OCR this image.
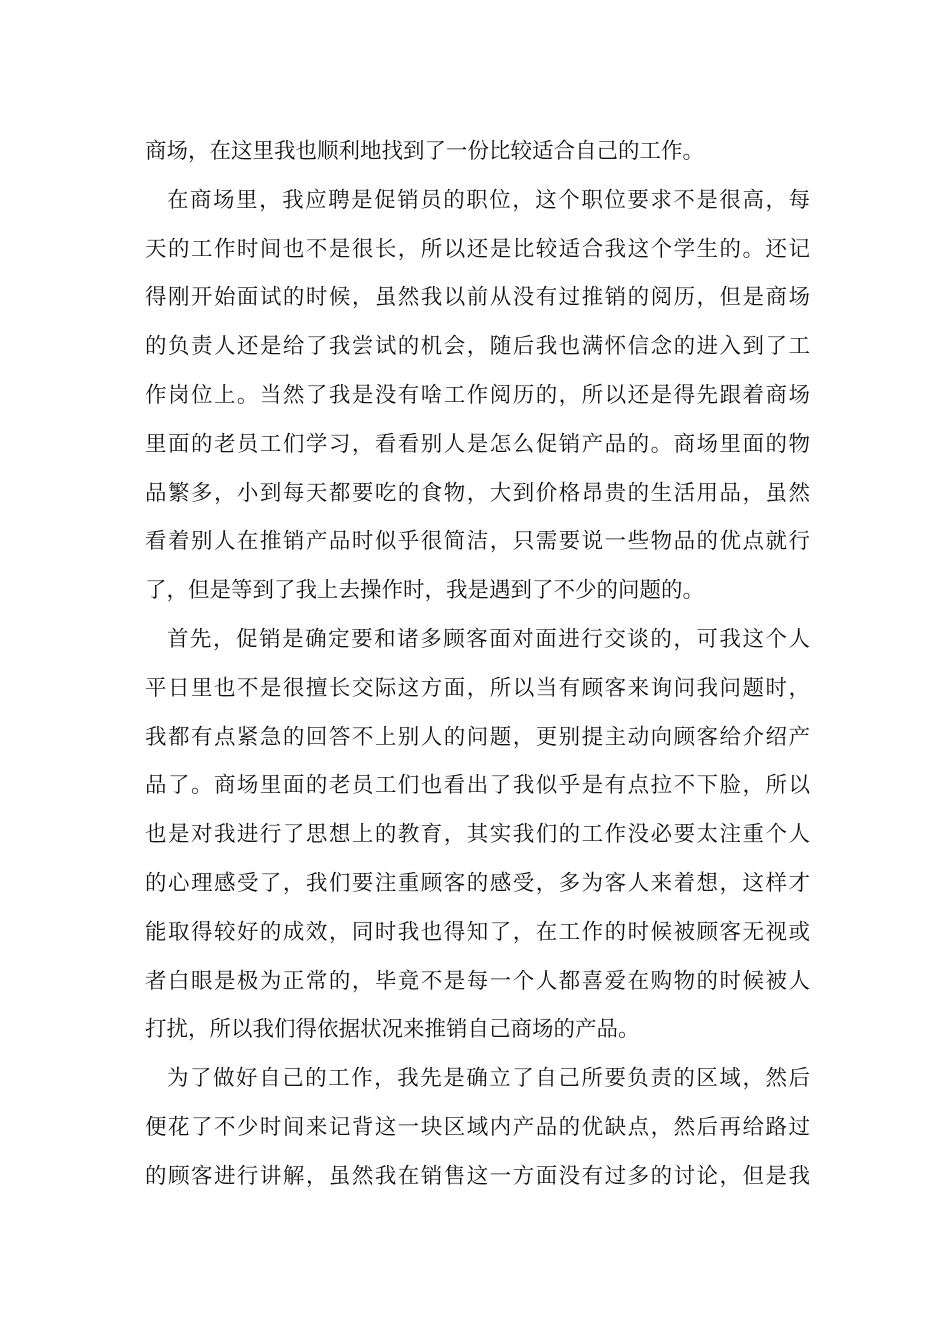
商场，在这里我也顺利地找到了一份比较适合自己的工作。
在商场里，我应聘是促销员的职位，这个职位要求不是很高，每
天的工作时间也不是很长，所以还是比较适合我这个学生的。还记
得刚开始面试的时候，虽然我以前从没有过推销的阅历，但是商场
的负责人还是给了我尝试的机会，随后我也满怀信念的进入到了工
作岗位上。当然了我是没有啥工作阅历的，所以还是得先跟着商场
里面的老员工们学习，看看别人是怎么促销产品的。商场里面的物
品繁多，小到每天都要吃的食物，大到价格昂贵的生活用品，虽然
看着别人在推销产品时似乎很简洁，只需要说一些物品的优点就行
了，但是等到了我上去操作时，我是遇到了不少的问题的。
首先，促销是确定要和诸多顾客面对面进行交谈的，可我这个人
平日里也不是很擅长交际这方面，所以当有顾客来询问我问题时，
我都有点紧急的回答不上别人的问题，更别提主动向顾客给介绍产
品了。商场里面的老员工们也看出了我似乎是有点拉不下脸，所以
也是对我进行了思想上的教育，其实我们的工作没必要太注重个人
的心理感受了，我们要注重顾客的感受，多为客人来着想，这样才
能取得较好的成效，同时我也得知了，在工作的时候被顾客无视或
者白眼是极为正常的，毕竟不是每一个人都喜爱在购物的时候被人
打扰，所以我们得依据状况来推销自己商场的产品。
为了做好自己的工作，我先是确立了自己所要负责的区域，然后
便花了不少时间来记背这一块区域内产品的优缺点，然后再给路过
的顾客进行讲解，虽然我在销售这一方面没有过多的讨论，但是我
